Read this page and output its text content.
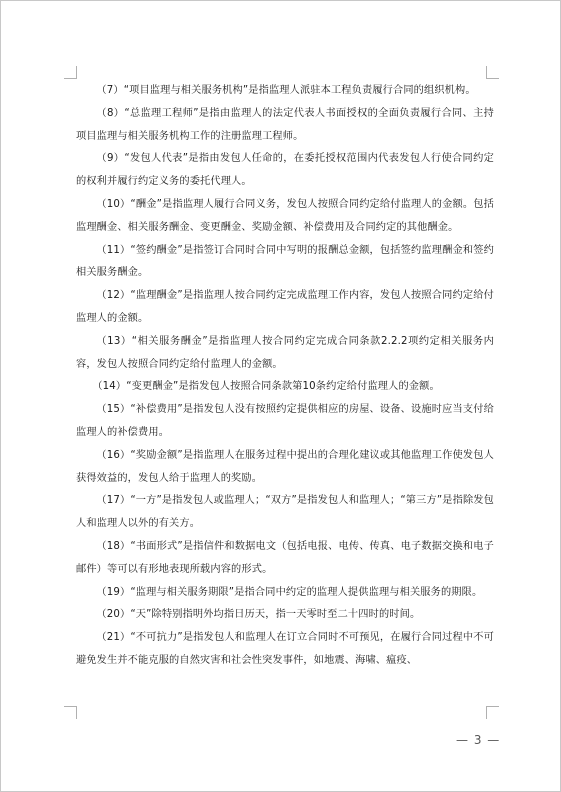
（7）“项目监理与相关服务机构”是指监理人派驻本工程负责履行合同的组织机构。

（8）“总监理工程师”是指由监理人的法定代表人书面授权的全面负责履行合同、主持项目监理与相关服务机构工作的注册监理工程师。

（9）“发包人代表”是指由发包人任命的，在委托授权范围内代表发包人行使合同约定的权利并履行约定义务的委托代理人。

（10）“酬金”是指监理人履行合同义务，发包人按照合同约定给付监理人的金额。包括监理酬金、相关服务酬金、变更酬金、奖励金额、补偿费用及合同约定的其他酬金。

（11）“签约酬金”是指签订合同时合同中写明的报酬总金额，包括签约监理酬金和签约相关服务酬金。

（12）“监理酬金”是指监理人按合同约定完成监理工作内容，发包人按照合同约定给付监理人的金额。

（13）“相关服务酬金”是指监理人按合同约定完成合同条款2.2.2项约定相关服务内容，发包人按照合同约定给付监理人的金额。

（14）“变更酬金”是指发包人按照合同条款第10条约定给付监理人的金额。

（15）“补偿费用”是指发包人没有按照约定提供相应的房屋、设备、设施时应当支付给监理人的补偿费用。

（16）“奖励金额”是指监理人在服务过程中提出的合理化建议或其他监理工作使发包人获得效益的，发包人给于监理人的奖励。

（17）“一方”是指发包人或监理人；“双方”是指发包人和监理人；“第三方”是指除发包人和监理人以外的有关方。

（18）“书面形式”是指信件和数据电文（包括电报、电传、传真、电子数据交换和电子邮件）等可以有形地表现所载内容的形式。

（19）“监理与相关服务期限”是指合同中约定的监理人提供监理与相关服务的期限。

（20）“天”除特别指明外均指日历天，指一天零时至二十四时的时间。

（21）“不可抗力”是指发包人和监理人在订立合同时不可预见，在履行合同过程中不可避免发生并不能克服的自然灾害和社会性突发事件，如地震、海啸、瘟疫、

— 3 —
